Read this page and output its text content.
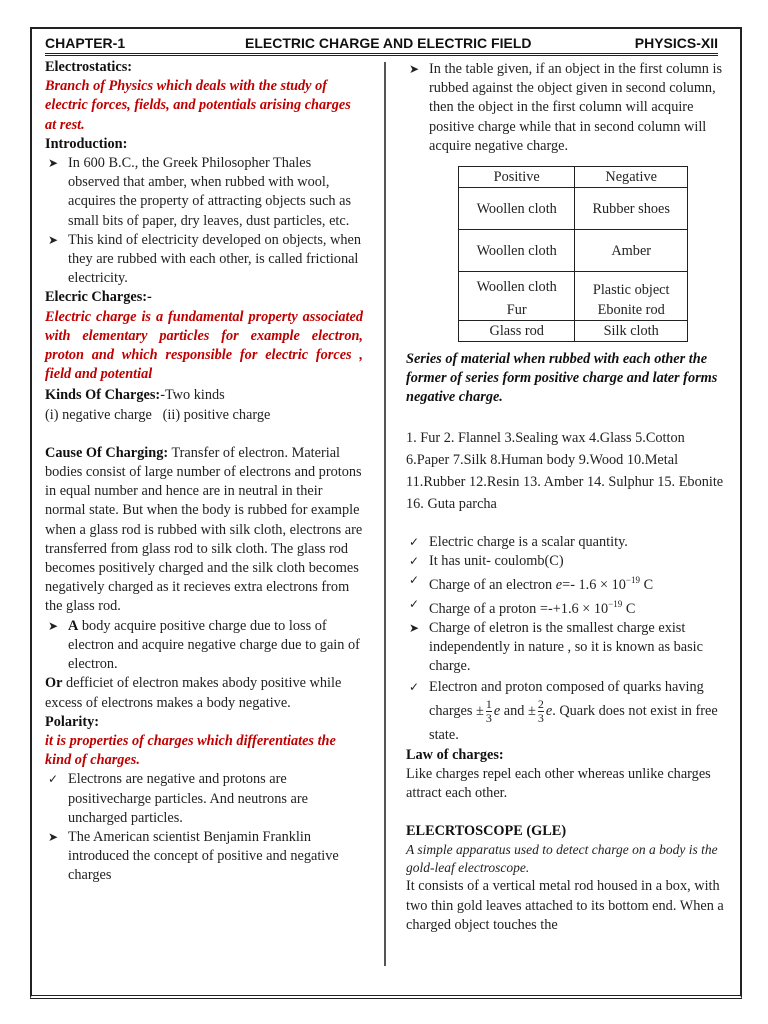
CHAPTER-1	ELECTRIC CHARGE AND ELECTRIC FIELD	PHYSICS-XII
Electrostatics:
Branch of Physics which deals with the study of electric forces, fields, and potentials arising charges at rest.
Introduction:
➤ In 600 B.C., the Greek Philosopher Thales observed that amber, when rubbed with wool, acquires the property of attracting objects such as small bits of paper, dry leaves, dust particles, etc.
➤ This kind of electricity developed on objects, when they are rubbed with each other, is called frictional electricity.
Elecric Charges:-
Electric charge is a fundamental property associated with elementary particles for example electron, proton and which responsible for electric forces , field and potential
Kinds Of Charges:-Two kinds
(i) negative charge   (ii) positive charge
Cause Of Charging: Transfer of electron. Material bodies consist of large number of electrons and protons in equal number and hence are in neutral in their normal state. But when the body is rubbed for example when a glass rod is rubbed with silk cloth, electrons are transferred from glass rod to silk cloth. The glass rod becomes positively charged and the silk cloth becomes negatively charged as it recieves extra electrons from the glass rod.
➤ A body acquire positive charge due to loss of electron and acquire negative charge due to gain of electron.
Or defficiet of electron makes abody positive while excess of electrons makes a body negative.
Polarity:
it is properties of charges which differentiates the kind of charges.
✓ Electrons are negative and protons are positivecharge particles. And neutrons are uncharged particles.
➤ The American scientist Benjamin Franklin introduced the concept of positive and negative charges
➤ In the table given, if an object in the first column is rubbed against the object given in second column, then the object in the first column will acquire positive charge while that in second column will acquire negative charge.
Positive	Negative
Woollen cloth	Rubber shoes
Woollen cloth	Amber
Woollen cloth	Plastic object
Fur	Ebonite rod
Glass rod	Silk cloth
Series of material when rubbed with each other the former of series form positive charge and later forms negative charge.
1. Fur 2. Flannel 3.Sealing wax 4.Glass 5.Cotton 6.Paper 7.Silk 8.Human body 9.Wood 10.Metal 11.Rubber 12.Resin 13. Amber 14. Sulphur 15. Ebonite 16. Guta parcha
✓ Electric charge is a scalar quantity.
✓ It has unit- coulomb(C)
✓ Charge of an electron e=- $1.6 \times 10^{-19}$ C
✓ Charge of a proton $=-+1.6 \times 10^{-19}$ C
➤ Charge of eletron is the smallest charge exist independently in nature , so it is known as basic charge.
✓ Electron and proton composed of quarks having charges ± $\frac{1}{3}$ e and ± $\frac{2}{3} e$. Quark does not exist in free state.
Law of charges:
Like charges repel each other whereas unlike charges attract each other.
ELECRTOSCOPE (GLE)
A simple apparatus used to detect charge on a body is the gold-leaf electroscope.
It consists of a vertical metal rod housed in a box, with two thin gold leaves attached to its bottom end. When a charged object touches the
